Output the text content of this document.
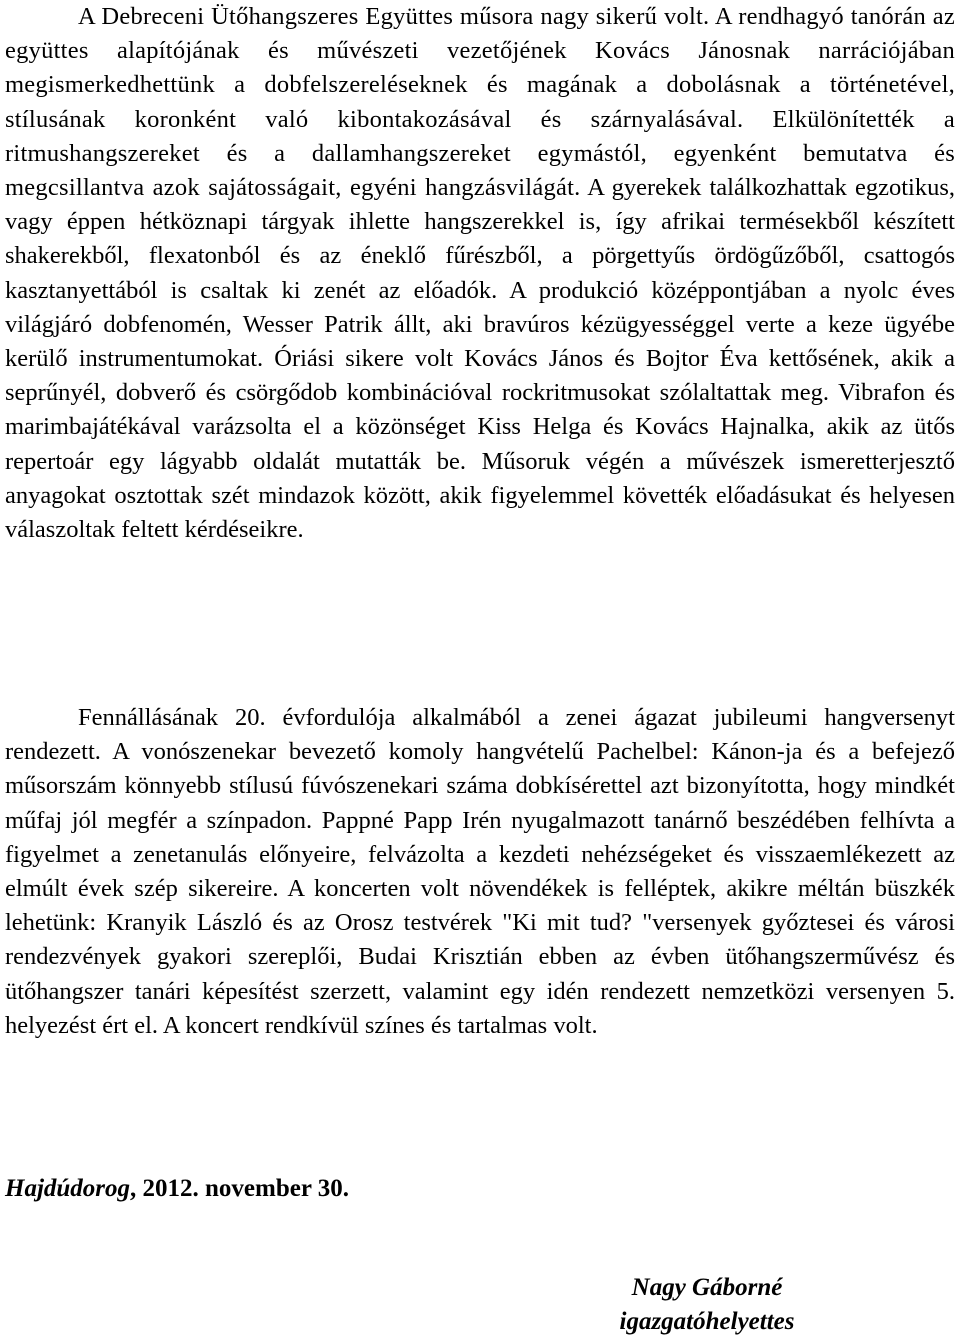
A Debreceni Ütőhangszeres Együttes műsora nagy sikerű volt. A rendhagyó tanórán az együttes alapítójának és művészeti vezetőjének Kovács Jánosnak narrációjában megismerkedhettünk a dobfelszereléseknek és magának a dobolásnak a történetével, stílusának koronként való kibontakozásával és szárnyalásával. Elkülönítették a ritmushangszereket és a dallamhangszereket egymástól, egyenként bemutatva és megcsillantva azok sajátosságait, egyéni hangzásvilágát. A gyerekek találkozhattak egzotikus, vagy éppen hétköznapi tárgyak ihlette hangszerekkel is, így afrikai termésekből készített shakerekből, flexatonból és az éneklő fűrészből, a pörgettyűs ördögűzőből, csattogós kasztanyettából is csaltak ki zenét az előadók. A produkció középpontjában a nyolc éves világjáró dobfenomén, Wesser Patrik állt, aki bravúros kézügyességgel verte a keze ügyébe kerülő instrumentumokat. Óriási sikere volt Kovács János és Bojtor Éva kettősének, akik a seprűnyél, dobverő és csörgődob kombinációval rockritmusokat szólaltattak meg. Vibrafon és marimbajátékával varázsolta el a közönséget Kiss Helga és Kovács Hajnalka, akik az ütős repertoár egy lágyabb oldalát mutatták be. Műsoruk végén a művészek ismeretterjesztő anyagokat osztottak szét mindazok között, akik figyelemmel követték előadásukat és helyesen válaszoltak feltett kérdéseikre.

Fennállásának 20. évfordulója alkalmából a zenei ágazat jubileumi hangversenyt rendezett. A vonószenekar bevezető komoly hangvételű Pachelbel: Kánon-ja és a befejező műsorszám könnyebb stílusú fúvószenekari száma dobkísérettel azt bizonyította, hogy mindkét műfaj jól megfér a színpadon. Pappné Papp Irén nyugalmazott tanárnő beszédében felhívta a figyelmet a zenetanulás előnyeire, felvázolta a kezdeti nehézségeket és visszaemlékezett az elmúlt évek szép sikereire. A koncerten volt növendékek is felléptek, akikre méltán büszkék lehetünk: Kranyik László és az Orosz testvérek "Ki mit tud? "versenyek győztesei és városi rendezvények gyakori szereplői, Budai Krisztián ebben az évben ütőhangszerművész és ütőhangszer tanári képesítést szerzett, valamint egy idén rendezett nemzetközi versenyen 5. helyezést ért el. A koncert rendkívül színes és tartalmas volt.

Hajdúdorog, 2012. november 30.
Nagy Gáborné
igazgatóhelyettes
